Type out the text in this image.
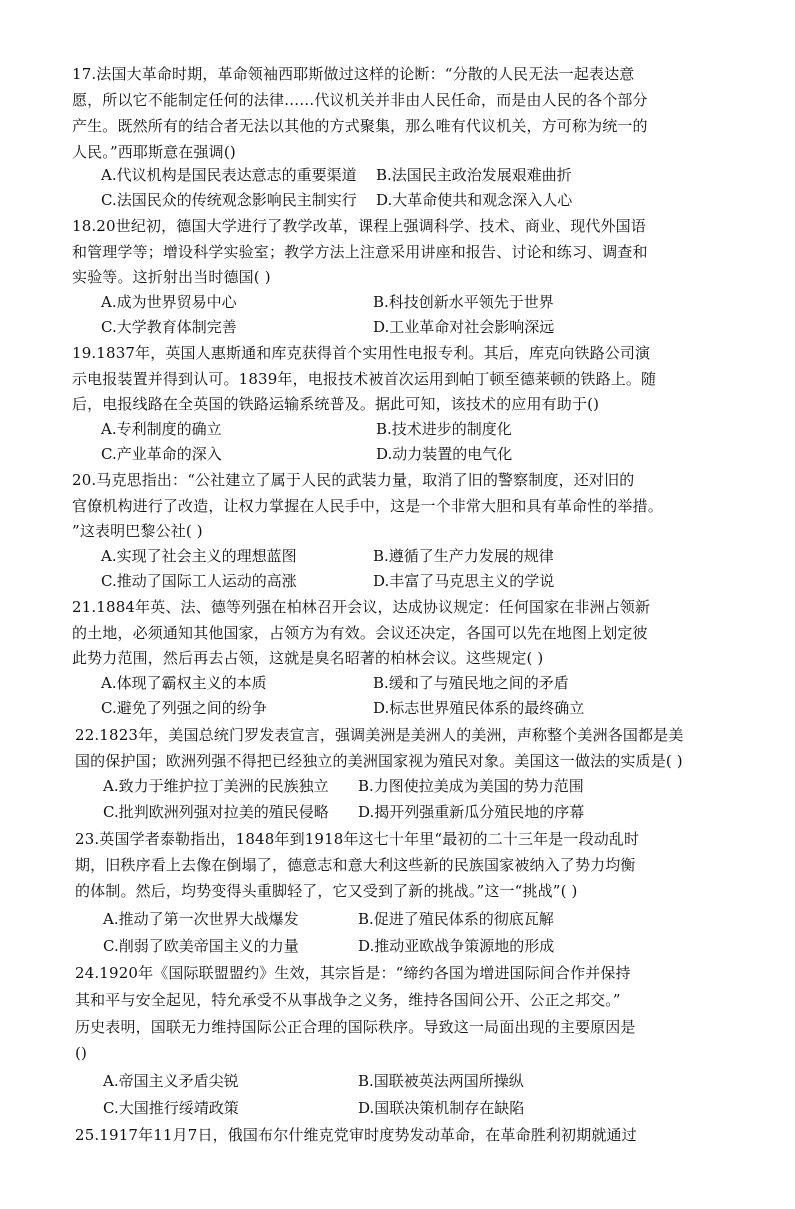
17.法国大革命时期，革命领袖西耶斯做过这样的论断：“分散的人民无法一起表达意
愿，所以它不能制定任何的法律……代议机关并非由人民任命，而是由人民的各个部分
产生。既然所有的结合者无法以其他的方式聚集，那么唯有代议机关，方可称为统一的
人民。”西耶斯意在强调()
A.代议机构是国民表达意志的重要渠道 B.法国民主政治发展艰难曲折
C.法国民众的传统观念影响民主制实行 D.大革命使共和观念深入人心
18.20世纪初，德国大学进行了教学改革，课程上强调科学、技术、商业、现代外国语
和管理学等；增设科学实验室；教学方法上注意采用讲座和报告、讨论和练习、调查和
实验等。这折射出当时德国( )
A.成为世界贸易中心	B.科技创新水平领先于世界
C.大学教育体制完善	D.工业革命对社会影响深远
19.1837年，英国人惠斯通和库克获得首个实用性电报专利。其后，库克向铁路公司演
示电报装置并得到认可。1839年，电报技术被首次运用到帕丁顿至德莱顿的铁路上。随
后，电报线路在全英国的铁路运输系统普及。据此可知，该技术的应用有助于()
A.专利制度的确立	B.技术进步的制度化
C.产业革命的深入	D.动力装置的电气化
20.马克思指出：“公社建立了属于人民的武装力量，取消了旧的警察制度，还对旧的
官僚机构进行了改造，让权力掌握在人民手中，这是一个非常大胆和具有革命性的举措。
”这表明巴黎公社( )
A.实现了社会主义的理想蓝图	B.遵循了生产力发展的规律
C.推动了国际工人运动的高涨	D.丰富了马克思主义的学说
21.1884年英、法、德等列强在柏林召开会议，达成协议规定：任何国家在非洲占领新
的土地，必须通知其他国家，占领方为有效。会议还决定，各国可以先在地图上划定彼
此势力范围，然后再去占领，这就是臭名昭著的柏林会议。这些规定( )
A.体现了霸权主义的本质	B.缓和了与殖民地之间的矛盾
C.避免了列强之间的纷争	D.标志世界殖民体系的最终确立
22.1823年，美国总统门罗发表宣言，强调美洲是美洲人的美洲，声称整个美洲各国都是美
国的保护国；欧洲列强不得把已经独立的美洲国家视为殖民对象。美国这一做法的实质是( )
A.致力于维护拉丁美洲的民族独立 B.力图使拉美成为美国的势力范围
C.批判欧洲列强对拉美的殖民侵略 D.揭开列强重新瓜分殖民地的序幕
23.英国学者泰勒指出，1848年到1918年这七十年里“最初的二十三年是一段动乱时
期，旧秩序看上去像在倒塌了，德意志和意大利这些新的民族国家被纳入了势力均衡
的体制。然后，均势变得头重脚轻了，它又受到了新的挑战。”这一“挑战”( )
A.推动了第一次世界大战爆发	B.促进了殖民体系的彻底瓦解
C.削弱了欧美帝国主义的力量	D.推动亚欧战争策源地的形成
24.1920年《国际联盟盟约》生效，其宗旨是：“缔约各国为增进国际间合作并保持
其和平与安全起见，特允承受不从事战争之义务，维持各国间公开、公正之邦交。”
历史表明，国联无力维持国际公正合理的国际秩序。导致这一局面出现的主要原因是
()
A.帝国主义矛盾尖锐	B.国联被英法两国所操纵
C.大国推行绥靖政策	D.国联决策机制存在缺陷
25.1917年11月7日，俄国布尔什维克党审时度势发动革命，在革命胜利初期就通过
